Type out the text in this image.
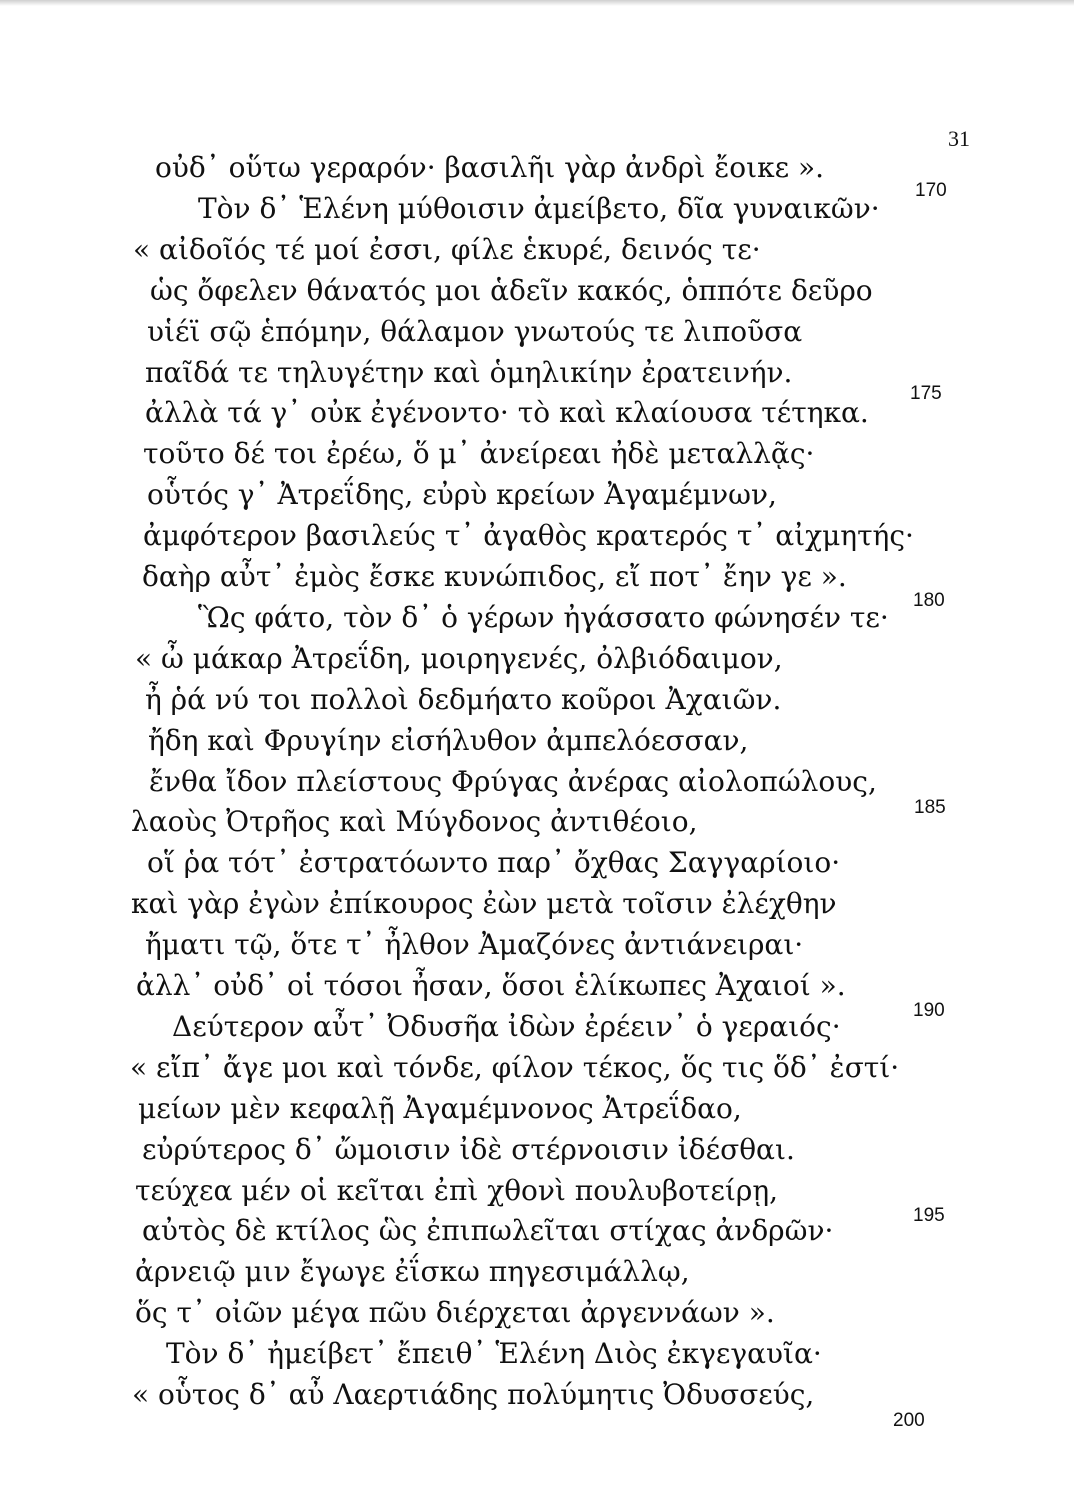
31
οὐδ᾽ οὕτω γεραρόν· βασιλῆι γὰρ ἀνδρὶ ἔοικε ».
170
Τὸν δ᾽ Ἑλένη μύθοισιν ἀμείβετο, δῖα γυναικῶν·
« αἰδοῖός τέ μοί ἐσσι, φίλε ἑκυρέ, δεινός τε·
ὡς ὄφελεν θάνατός μοι ἁδεῖν κακός, ὁππότε δεῦρο
υἱέϊ σῷ ἑπόμην, θάλαμον γνωτούς τε λιποῦσα
παῖδά τε τηλυγέτην καὶ ὁμηλικίην ἐρατεινήν.
175
ἀλλὰ τά γ᾽ οὐκ ἐγένοντο· τὸ καὶ κλαίουσα τέτηκα.
τοῦτο δέ τοι ἐρέω, ὅ μ᾽ ἀνείρεαι ἠδὲ μεταλλᾷς·
οὗτός γ᾽ Ἀτρεΐδης, εὐρὺ κρείων Ἀγαμέμνων,
ἀμφότερον βασιλεύς τ᾽ ἀγαθὸς κρατερός τ᾽ αἰχμητής·
δαὴρ αὖτ᾽ ἐμὸς ἔσκε κυνώπιδος, εἴ ποτ᾽ ἔην γε ».
180
Ὣς φάτο, τὸν δ᾽ ὁ γέρων ἠγάσσατο φώνησέν τε·
« ὦ μάκαρ Ἀτρεΐδη, μοιρηγενές, ὀλβιόδαιμον,
ἦ ῥά νύ τοι πολλοὶ δεδμήατο κοῦροι Ἀχαιῶν.
ἤδη καὶ Φρυγίην εἰσήλυθον ἀμπελόεσσαν,
ἔνθα ἴδον πλείστους Φρύγας ἀνέρας αἰολοπώλους,
185
λαοὺς Ὀτρῆος καὶ Μύγδονος ἀντιθέοιο,
οἵ ῥα τότ᾽ ἐστρατόωντο παρ᾽ ὄχθας Σαγγαρίοιο·
καὶ γὰρ ἐγὼν ἐπίκουρος ἐὼν μετὰ τοῖσιν ἐλέχθην
ἤματι τῷ, ὅτε τ᾽ ἦλθον Ἀμαζόνες ἀντιάνειραι·
ἀλλ᾽ οὐδ᾽ οἱ τόσοι ἦσαν, ὅσοι ἑλίκωπες Ἀχαιοί ».
190
Δεύτερον αὖτ᾽ Ὀδυσῆα ἰδὼν ἐρέειν᾽ ὁ γεραιός·
« εἴπ᾽ ἄγε μοι καὶ τόνδε, φίλον τέκος, ὅς τις ὅδ᾽ ἐστί·
μείων μὲν κεφαλῇ Ἀγαμέμνονος Ἀτρεΐδαο,
εὐρύτερος δ᾽ ὤμοισιν ἰδὲ στέρνοισιν ἰδέσθαι.
τεύχεα μέν οἱ κεῖται ἐπὶ χθονὶ πουλυβοτείρῃ,
195
αὐτὸς δὲ κτίλος ὣς ἐπιπωλεῖται στίχας ἀνδρῶν·
ἀρνειῷ μιν ἔγωγε ἐΐσκω πηγεσιμάλλῳ,
ὅς τ᾽ οἰῶν μέγα πῶυ διέρχεται ἀργεννάων ».
Τὸν δ᾽ ἠμείβετ᾽ ἔπειθ᾽ Ἑλένη Διὸς ἐκγεγαυῖα·
« οὗτος δ᾽ αὖ Λαερτιάδης πολύμητις Ὀδυσσεύς,
200
